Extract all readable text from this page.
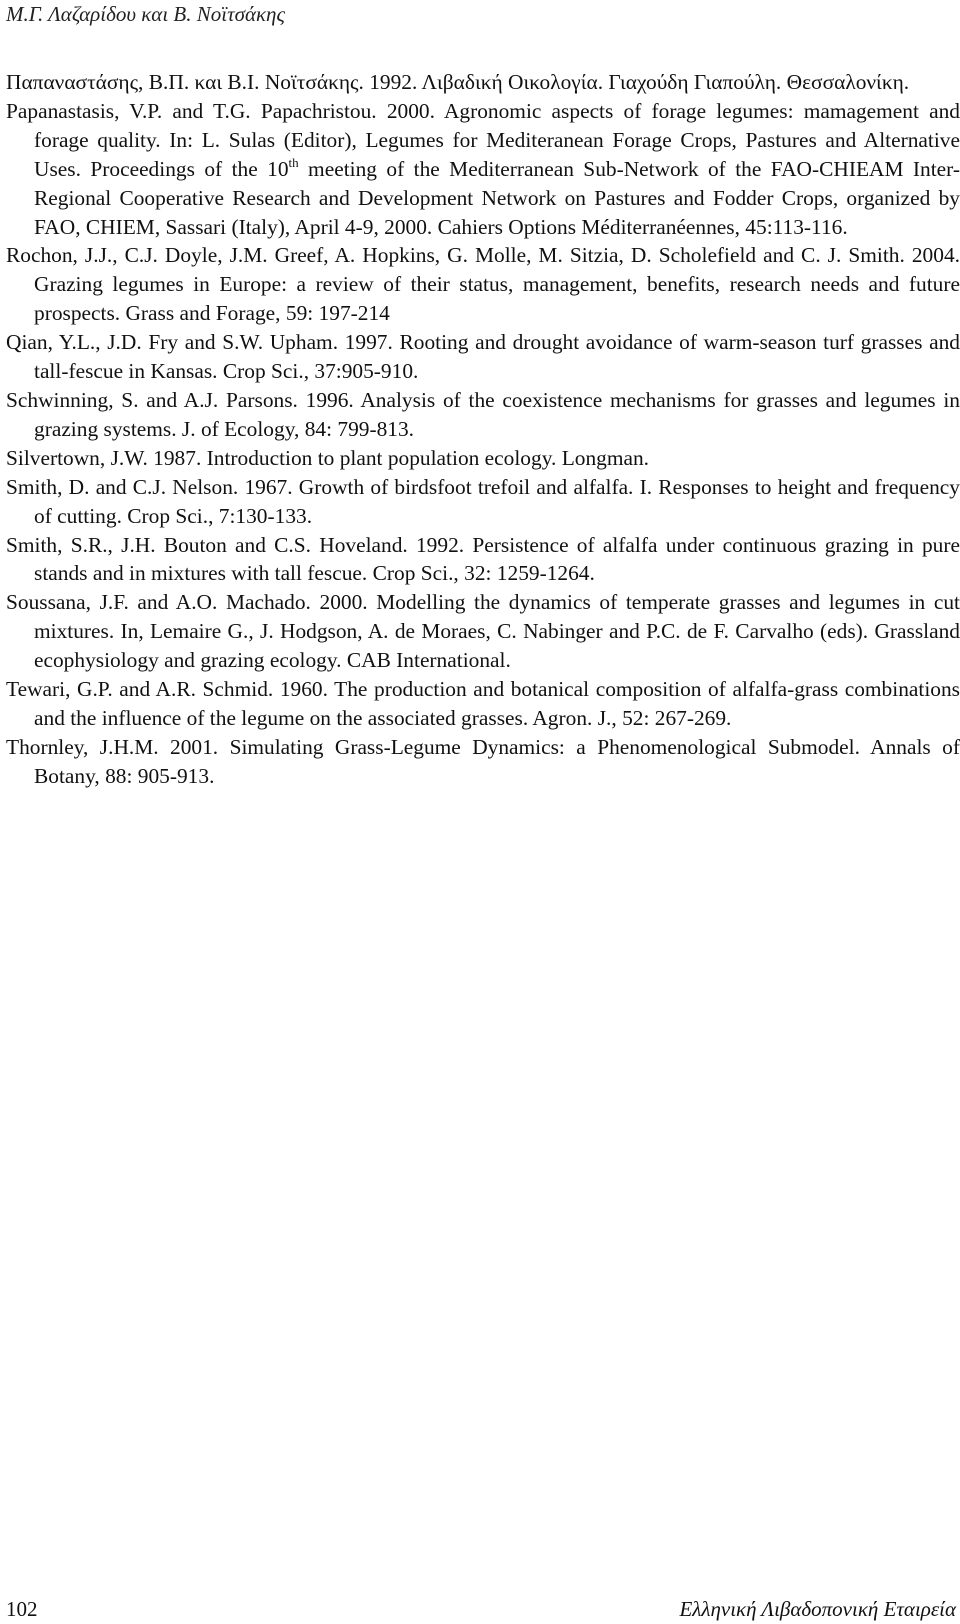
Μ.Γ. Λαζαρίδου και Β. Νοϊτσάκης

Παπαναστάσης, Β.Π. και Β.Ι. Νοϊτσάκης. 1992. Λιβαδική Οικολογία. Γιαχούδη Γιαπούλη. Θεσσαλονίκη.

Papanastasis, V.P. and T.G. Papachristou. 2000. Agronomic aspects of forage legumes: mamagement and forage quality. In: L. Sulas (Editor), Legumes for Mediteranean Forage Crops, Pastures and Alternative Uses. Proceedings of the 10th meeting of the Mediterranean Sub-Network of the FAO-CHIEAM Inter-Regional Cooperative Research and Development Network on Pastures and Fodder Crops, organized by FAO, CHIEM, Sassari (Italy), April 4-9, 2000. Cahiers Options Méditerranéennes, 45:113-116.

Rochon, J.J., C.J. Doyle, J.M. Greef, A. Hopkins, G. Molle, M. Sitzia, D. Scholefield and C. J. Smith. 2004. Grazing legumes in Europe: a review of their status, management, benefits, research needs and future prospects. Grass and Forage, 59: 197-214

Qian, Y.L., J.D. Fry and S.W. Upham. 1997. Rooting and drought avoidance of warm-season turf grasses and tall-fescue in Kansas. Crop Sci., 37:905-910.

Schwinning, S. and A.J. Parsons. 1996. Analysis of the coexistence mechanisms for grasses and legumes in grazing systems. J. of Ecology, 84: 799-813.

Silvertown, J.W. 1987. Introduction to plant population ecology. Longman.

Smith, D. and C.J. Nelson. 1967. Growth of birdsfoot trefoil and alfalfa. I. Responses to height and frequency of cutting. Crop Sci., 7:130-133.

Smith, S.R., J.H. Bouton and C.S. Hoveland. 1992. Persistence of alfalfa under continuous grazing in pure stands and in mixtures with tall fescue. Crop Sci., 32: 1259-1264.

Soussana, J.F. and A.O. Machado. 2000. Modelling the dynamics of temperate grasses and legumes in cut mixtures. In, Lemaire G., J. Hodgson, A. de Moraes, C. Nabinger and P.C. de F. Carvalho (eds). Grassland ecophysiology and grazing ecology. CAB International.

Tewari, G.P. and A.R. Schmid. 1960. The production and botanical composition of alfalfa-grass combinations and the influence of the legume on the associated grasses. Agron. J., 52: 267-269.

Thornley, J.H.M. 2001. Simulating Grass-Legume Dynamics: a Phenomenological Submodel. Annals of Botany, 88: 905-913.

102	Ελληνική Λιβαδοπονική Εταιρεία
